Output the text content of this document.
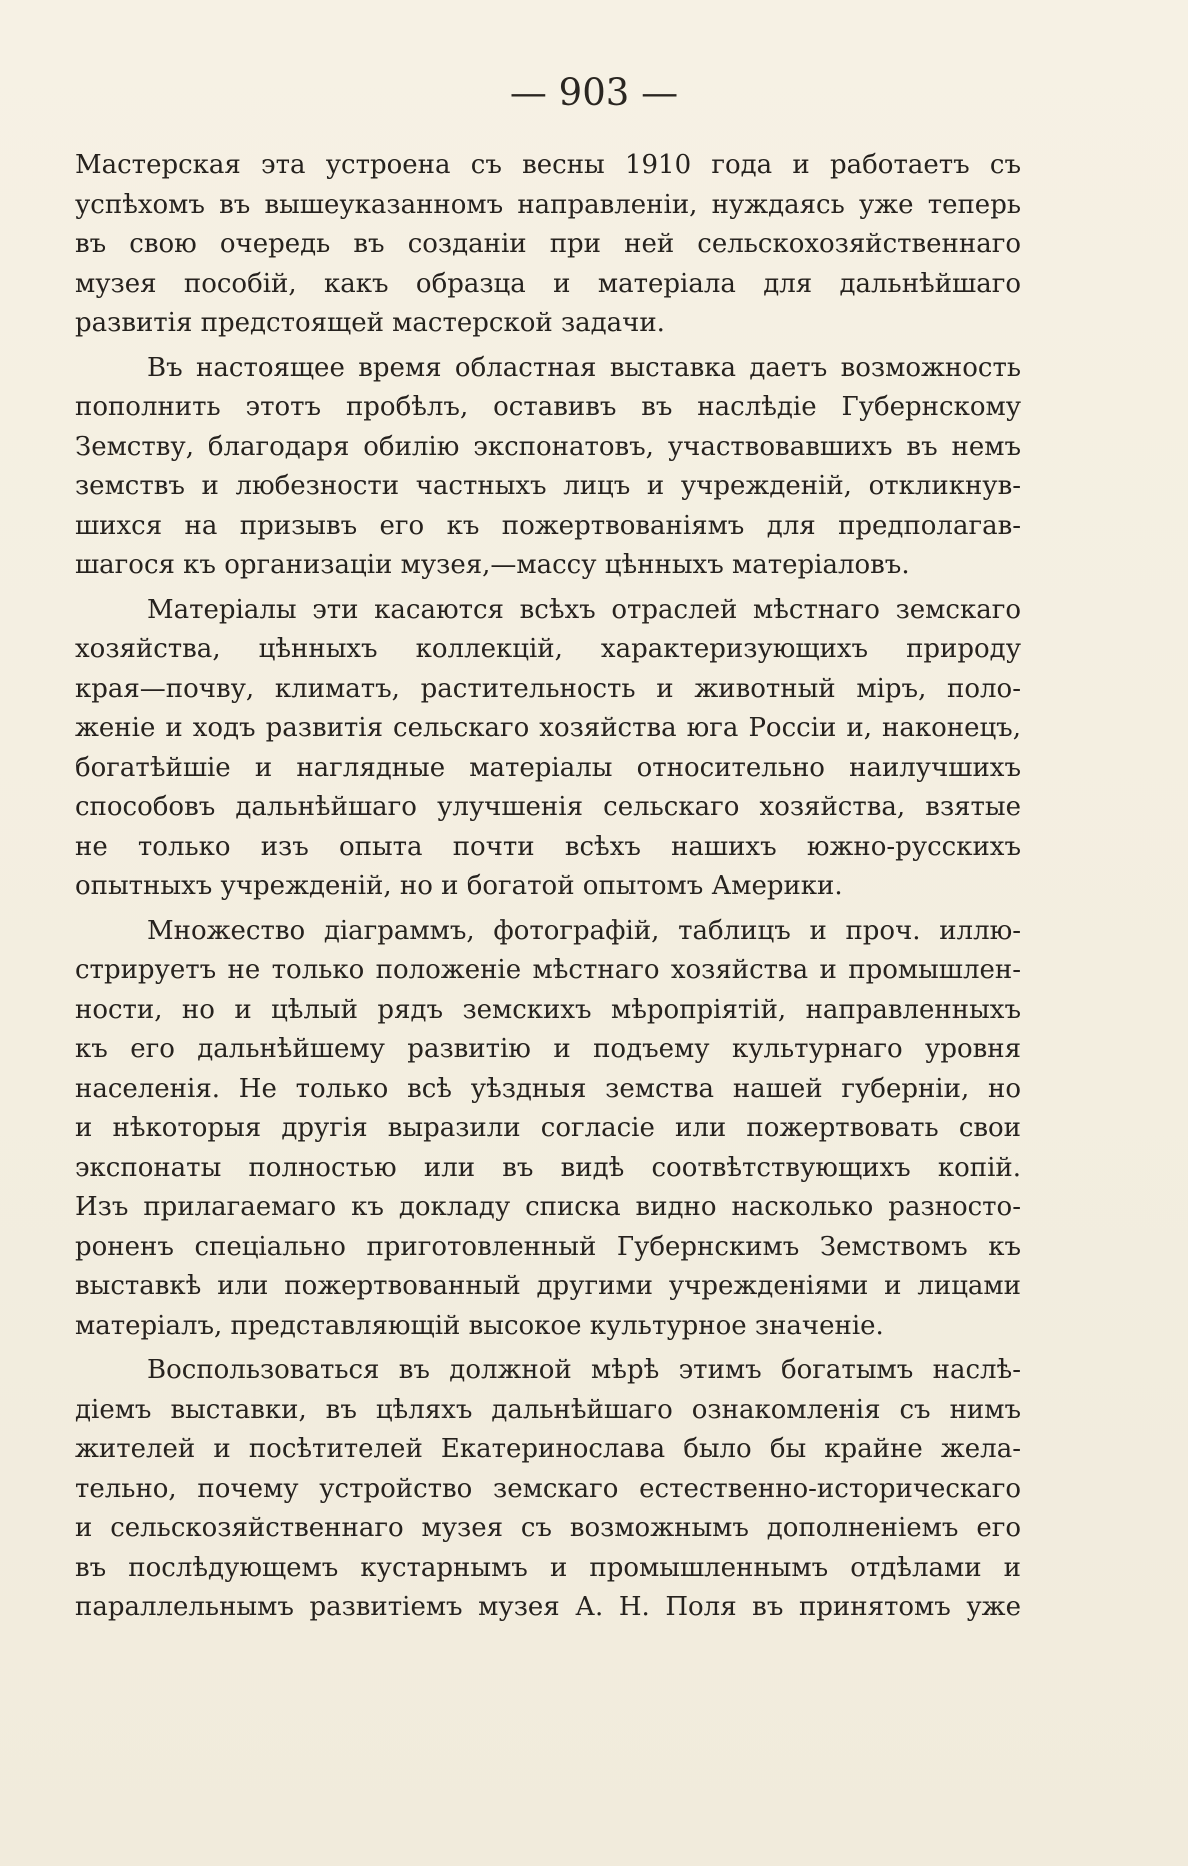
— 903 —
Мастерская эта устроена съ весны 1910 года и работаетъ съ
успѣхомъ въ вышеуказанномъ направленіи, нуждаясь уже теперь
въ свою очередь въ созданіи при ней сельскохозяйственнаго
музея пособій, какъ образца и матеріала для дальнѣйшаго
развитія предстоящей мастерской задачи.
Въ настоящее время областная выставка даетъ возможность
пополнить этотъ пробѣлъ, оставивъ въ наслѣдіе Губернскому
Земству, благодаря обилію экспонатовъ, участвовавшихъ въ немъ
земствъ и любезности частныхъ лицъ и учрежденій, откликнув-
шихся на призывъ его къ пожертвованіямъ для предполагав-
шагося къ организаціи музея,—массу цѣнныхъ матеріаловъ.
Матеріалы эти касаются всѣхъ отраслей мѣстнаго земскаго
хозяйства, цѣнныхъ коллекцій, характеризующихъ природу
края—почву, климатъ, растительность и животный міръ, поло-
женіе и ходъ развитія сельскаго хозяйства юга Россіи и, наконецъ,
богатѣйшіе и наглядные матеріалы относительно наилучшихъ
способовъ дальнѣйшаго улучшенія сельскаго хозяйства, взятые
не только изъ опыта почти всѣхъ нашихъ южно-русскихъ
опытныхъ учрежденій, но и богатой опытомъ Америки.
Множество діаграммъ, фотографій, таблицъ и проч. иллю-
стрируетъ не только положеніе мѣстнаго хозяйства и промышлен-
ности, но и цѣлый рядъ земскихъ мѣропріятій, направленныхъ
къ его дальнѣйшему развитію и подъему культурнаго уровня
населенія. Не только всѣ уѣздныя земства нашей губерніи, но
и нѣкоторыя другія выразили согласіе или пожертвовать свои
экспонаты полностью или въ видѣ соотвѣтствующихъ копій.
Изъ прилагаемаго къ докладу списка видно насколько разносто-
роненъ спеціально приготовленный Губернскимъ Земствомъ къ
выставкѣ или пожертвованный другими учрежденіями и лицами
матеріалъ, представляющій высокое культурное значеніе.
Воспользоваться въ должной мѣрѣ этимъ богатымъ наслѣ-
діемъ выставки, въ цѣляхъ дальнѣйшаго ознакомленія съ нимъ
жителей и посѣтителей Екатеринослава было бы крайне жела-
тельно, почему устройство земскаго естественно-историческаго
и сельскозяйственнаго музея съ возможнымъ дополненіемъ его
въ послѣдующемъ кустарнымъ и промышленнымъ отдѣлами и
параллельнымъ развитіемъ музея А. Н. Поля въ принятомъ уже
